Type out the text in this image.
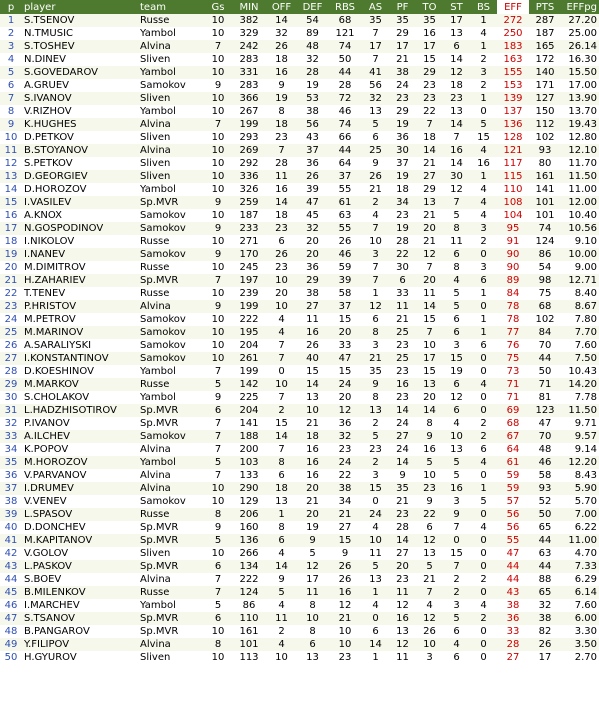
p	player	team	Gs	MIN	OFF	DEF	RBS	AS	PF	TO	ST	BS	EFF	PTS	EFFpg
1	S.TSENOV	Russe	10	382	14	54	68	35	35	35	17	1	272	287	27.20
2	N.TMUSIC	Yambol	10	329	32	89	121	7	29	16	13	4	250	187	25.00
3	S.TOSHEV	Alvina	7	242	26	48	74	17	17	17	6	1	183	165	26.14
4	N.DINEV	Sliven	10	283	18	32	50	7	21	15	14	2	163	172	16.30
5	S.GOVEDAROV	Yambol	10	331	16	28	44	41	38	29	12	3	155	140	15.50
6	A.GRUEV	Samokov	9	283	9	19	28	56	24	23	18	2	153	171	17.00
7	S.IVANOV	Sliven	10	366	19	53	72	32	23	23	23	1	139	127	13.90
8	V.RIZHOV	Yambol	10	267	8	38	46	13	29	22	13	0	137	150	13.70
9	K.HUGHES	Alvina	7	199	18	56	74	5	19	7	14	5	136	112	19.43
10	D.PETKOV	Sliven	10	293	23	43	66	6	36	18	7	15	128	102	12.80
11	B.STOYANOV	Alvina	10	269	7	37	44	25	30	14	16	4	121	93	12.10
12	S.PETKOV	Sliven	10	292	28	36	64	9	37	21	14	16	117	80	11.70
13	D.GEORGIEV	Sliven	10	336	11	26	37	26	19	27	30	1	115	161	11.50
14	D.HOROZOV	Yambol	10	326	16	39	55	21	18	29	12	4	110	141	11.00
15	I.VASILEV	Sp.MVR	9	259	14	47	61	2	34	13	7	4	108	101	12.00
16	A.KNOX	Samokov	10	187	18	45	63	4	23	21	5	4	104	101	10.40
17	N.GOSPODINOV	Samokov	9	233	23	32	55	7	19	20	8	3	95	74	10.56
18	I.NIKOLOV	Russe	10	271	6	20	26	10	28	21	11	2	91	124	9.10
19	I.NANEV	Samokov	9	170	26	20	46	3	22	12	6	0	90	86	10.00
20	M.DIMITROV	Russe	10	245	23	36	59	7	30	7	8	3	90	54	9.00
21	H.ZAHARIEV	Sp.MVR	7	197	10	29	39	7	6	20	4	6	89	98	12.71
22	T.TENEV	Russe	10	239	20	38	58	1	33	11	5	1	84	75	8.40
23	P.HRISTOV	Alvina	9	199	10	27	37	12	11	14	5	0	78	68	8.67
24	M.PETROV	Samokov	10	222	4	11	15	6	21	15	6	1	78	102	7.80
25	M.MARINOV	Samokov	10	195	4	16	20	8	25	7	6	1	77	84	7.70
26	A.SARALIYSKI	Samokov	10	204	7	26	33	3	23	10	3	6	76	70	7.60
27	I.KONSTANTINOV	Samokov	10	261	7	40	47	21	25	17	15	0	75	44	7.50
28	D.KOESHINOV	Yambol	7	199	0	15	15	35	23	15	19	0	73	50	10.43
29	M.MARKOV	Russe	5	142	10	14	24	9	16	13	6	4	71	71	14.20
30	S.CHOLAKOV	Yambol	9	225	7	13	20	8	23	20	12	0	71	81	7.78
31	L.HADZHISOTIROV	Sp.MVR	6	204	2	10	12	13	14	14	6	0	69	123	11.50
32	P.IVANOV	Sp.MVR	7	141	15	21	36	2	24	8	4	2	68	47	9.71
33	A.ILCHEV	Samokov	7	188	14	18	32	5	27	9	10	2	67	70	9.57
34	K.POPOV	Alvina	7	200	7	16	23	23	24	16	13	6	64	48	9.14
35	M.HOROZOV	Yambol	5	103	8	16	24	2	14	5	5	4	61	46	12.20
36	V.PARVANOV	Alvina	7	133	6	16	22	3	9	10	5	0	59	58	8.43
37	I.DRUMEV	Alvina	10	290	18	20	38	15	35	23	16	1	59	93	5.90
38	V.VENEV	Samokov	10	129	13	21	34	0	21	9	3	5	57	52	5.70
39	L.SPASOV	Russe	8	206	1	20	21	24	23	22	9	0	56	50	7.00
40	D.DONCHEV	Sp.MVR	9	160	8	19	27	4	28	6	7	4	56	65	6.22
41	M.KAPITANOV	Sp.MVR	5	136	6	9	15	10	14	12	0	0	55	44	11.00
42	V.GOLOV	Sliven	10	266	4	5	9	11	27	13	15	0	47	63	4.70
43	L.PASKOV	Sp.MVR	6	134	14	12	26	5	20	5	7	0	44	44	7.33
44	S.BOEV	Alvina	7	222	9	17	26	13	23	21	2	2	44	88	6.29
45	B.MILENKOV	Russe	7	124	5	11	16	1	11	7	2	0	43	65	6.14
46	I.MARCHEV	Yambol	5	86	4	8	12	4	12	4	3	4	38	32	7.60
47	S.TSANOV	Sp.MVR	6	110	11	10	21	0	16	12	5	2	36	38	6.00
48	B.PANGAROV	Sp.MVR	10	161	2	8	10	6	13	26	6	0	33	82	3.30
49	Y.FILIPOV	Alvina	8	101	4	6	10	14	12	10	4	0	28	26	3.50
50	H.GYUROV	Sliven	10	113	10	13	23	1	11	3	6	0	27	17	2.70
